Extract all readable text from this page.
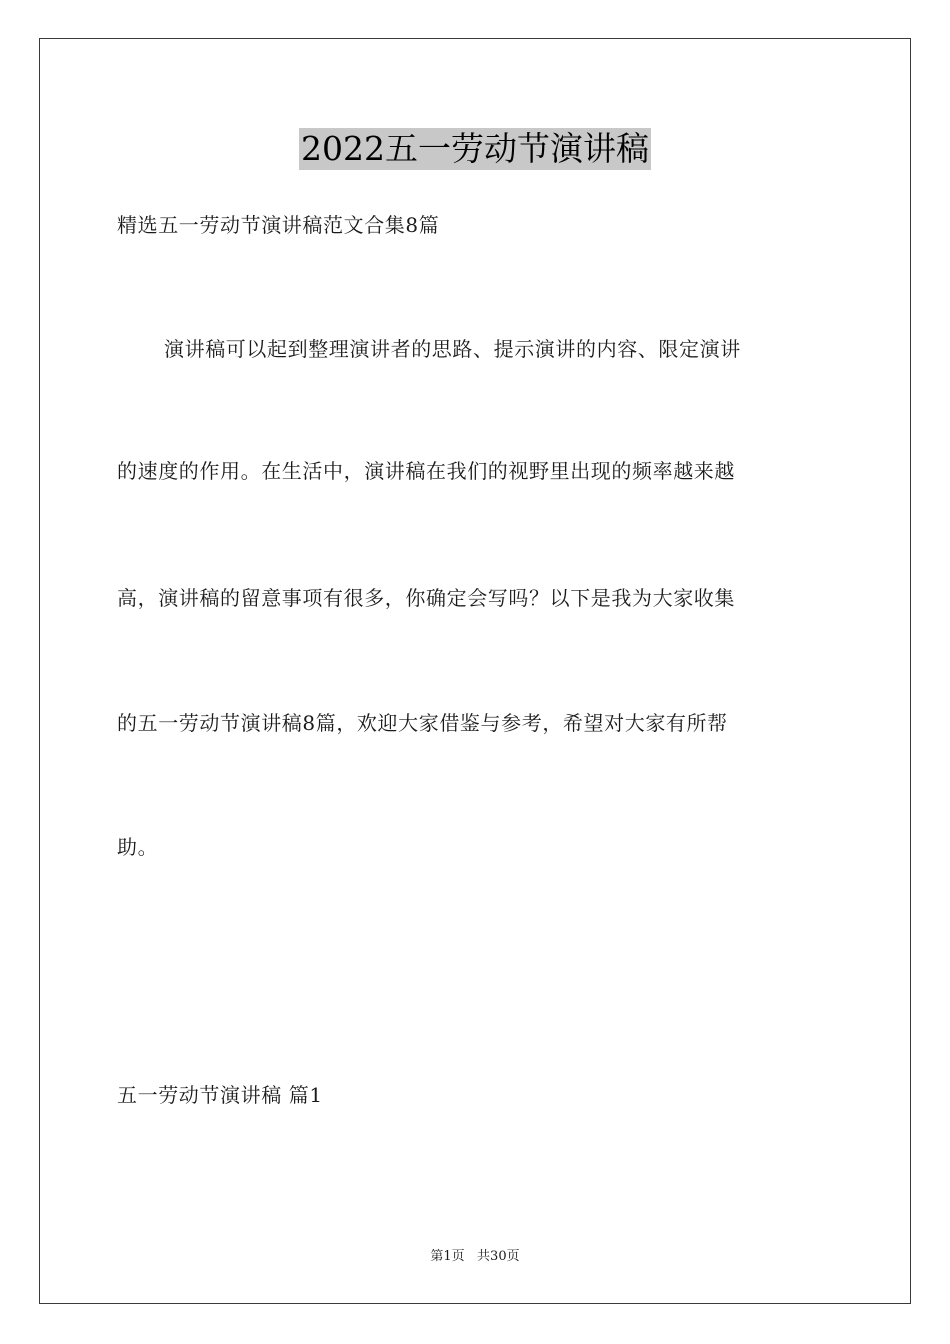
2022五一劳动节演讲稿
精选五一劳动节演讲稿范文合集8篇
演讲稿可以起到整理演讲者的思路、提示演讲的内容、限定演讲
的速度的作用。在生活中，演讲稿在我们的视野里出现的频率越来越
高，演讲稿的留意事项有很多，你确定会写吗？以下是我为大家收集
的五一劳动节演讲稿8篇，欢迎大家借鉴与参考，希望对大家有所帮
助。
五一劳动节演讲稿 篇1
第1页   共30页
